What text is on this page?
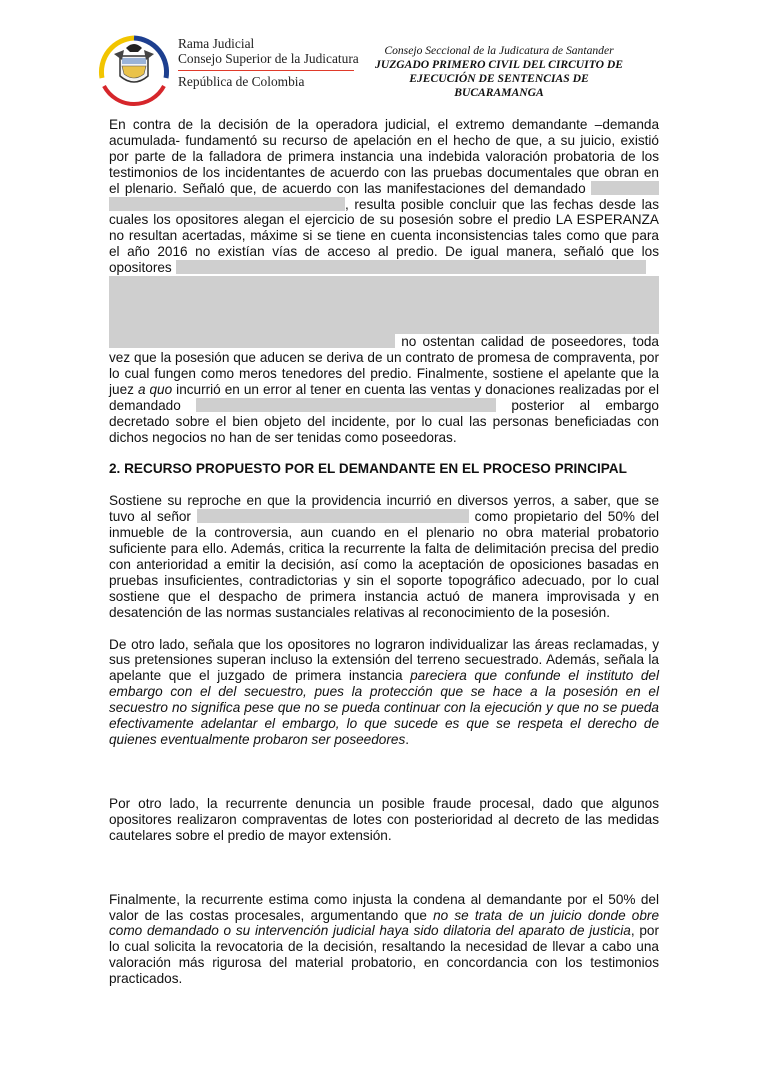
Rama Judicial
Consejo Superior de la Judicatura
República de Colombia
Consejo Seccional de la Judicatura de Santander
JUZGADO PRIMERO CIVIL DEL CIRCUITO DE
EJECUCIÓN DE SENTENCIAS DE
BUCARAMANGA

En contra de la decisión de la operadora judicial, el extremo demandante –demanda acumulada- fundamentó su recurso de apelación en el hecho de que, a su juicio, existió por parte de la falladora de primera instancia una indebida valoración probatoria de los testimonios de los incidentantes de acuerdo con las pruebas documentales que obran en el plenario. Señaló que, de acuerdo con las manifestaciones del demandado  , resulta posible concluir que las fechas desde las cuales los opositores alegan el ejercicio de su posesión sobre el predio LA ESPERANZA no resultan acertadas, máxime si se tiene en cuenta inconsistencias tales como que para el año 2016 no existían vías de acceso al predio. De igual manera, señaló que los opositores
no ostentan calidad de poseedores, toda vez que la posesión que aducen se deriva de un contrato de promesa de compraventa, por lo cual fungen como meros tenedores del predio. Finalmente, sostiene el apelante que la juez a quo incurrió en un error al tener en cuenta las ventas y donaciones realizadas por el demandado	posterior al embargo decretado sobre el bien objeto del incidente, por lo cual las personas beneficiadas con dichos negocios no han de ser tenidas como poseedoras.

2. RECURSO PROPUESTO POR EL DEMANDANTE EN EL PROCESO PRINCIPAL

Sostiene su reproche en que la providencia incurrió en diversos yerros, a saber, que se tuvo al señor	como propietario del 50% del inmueble de la controversia, aun cuando en el plenario no obra material probatorio suficiente para ello. Además, critica la recurrente la falta de delimitación precisa del predio con anterioridad a emitir la decisión, así como la aceptación de oposiciones basadas en pruebas insuficientes, contradictorias y sin el soporte topográfico adecuado, por lo cual sostiene que el despacho de primera instancia actuó de manera improvisada y en desatención de las normas sustanciales relativas al reconocimiento de la posesión.

De otro lado, señala que los opositores no lograron individualizar las áreas reclamadas, y sus pretensiones superan incluso la extensión del terreno secuestrado. Además, señala la apelante que el juzgado de primera instancia pareciera que confunde el instituto del embargo con el del secuestro, pues la protección que se hace a la posesión en el secuestro no significa pese que no se pueda continuar con la ejecución y que no se pueda efectivamente adelantar el embargo, lo que sucede es que se respeta el derecho de quienes eventualmente probaron ser poseedores.

Por otro lado, la recurrente denuncia un posible fraude procesal, dado que algunos opositores realizaron compraventas de lotes con posterioridad al decreto de las medidas cautelares sobre el predio de mayor extensión.

Finalmente, la recurrente estima como injusta la condena al demandante por el 50% del valor de las costas procesales, argumentando que no se trata de un juicio donde obre como demandado o su intervención judicial haya sido dilatoria del aparato de justicia, por lo cual solicita la revocatoria de la decisión, resaltando la necesidad de llevar a cabo una valoración más rigurosa del material probatorio, en concordancia con los testimonios practicados.
